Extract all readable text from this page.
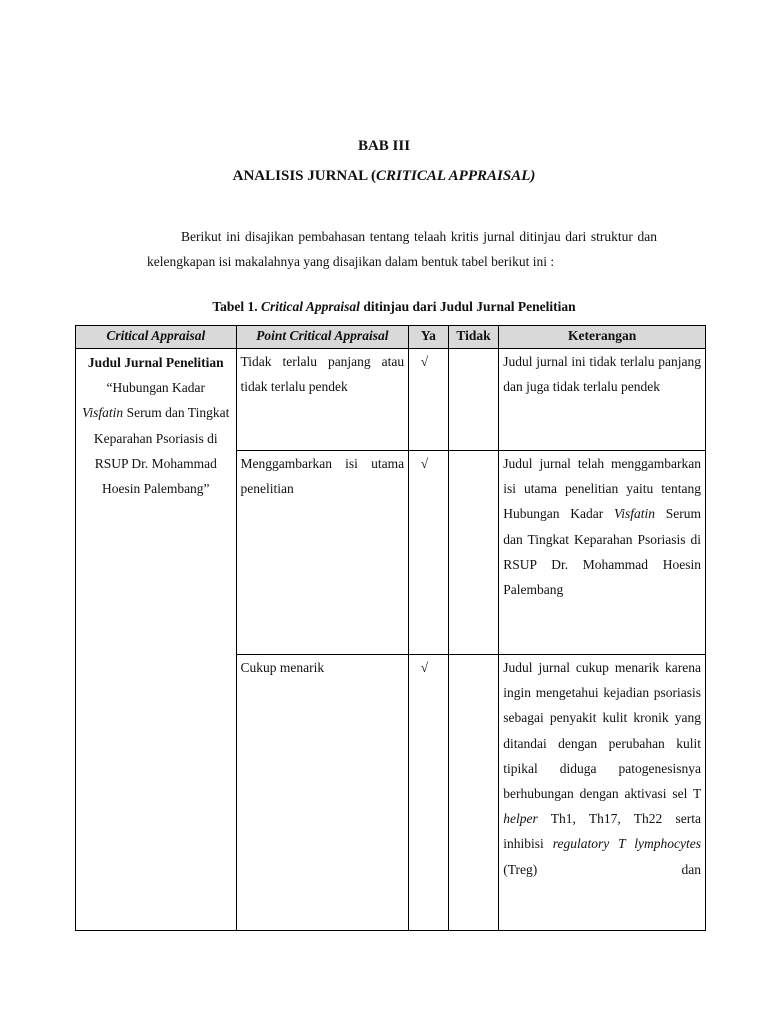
BAB III
ANALISIS JURNAL (CRITICAL APPRAISAL)
Berikut ini disajikan pembahasan tentang telaah kritis jurnal ditinjau dari struktur dan kelengkapan isi makalahnya yang disajikan dalam bentuk tabel berikut ini :
Tabel 1. Critical Appraisal ditinjau dari Judul Jurnal Penelitian
Critical Appraisal	Point Critical Appraisal	Ya	Tidak	Keterangan
Judul Jurnal Penelitian
“Hubungan Kadar
Visfatin Serum dan Tingkat Keparahan Psoriasis di RSUP Dr. Mohammad Hoesin Palembang”	Tidak terlalu panjang atau tidak terlalu pendek	√		Judul jurnal ini tidak terlalu panjang dan juga tidak terlalu pendek
	Menggambarkan isi utama penelitian	√		Judul jurnal telah menggambarkan isi utama penelitian yaitu tentang Hubungan Kadar Visfatin Serum dan Tingkat Keparahan Psoriasis di RSUP Dr. Mohammad Hoesin Palembang
	Cukup menarik	√		Judul jurnal cukup menarik karena ingin mengetahui kejadian psoriasis sebagai penyakit kulit kronik yang ditandai dengan perubahan kulit tipikal diduga patogenesisnya berhubungan dengan aktivasi sel T helper Th1, Th17, Th22 serta inhibisi regulatory T lymphocytes (Treg) dan
